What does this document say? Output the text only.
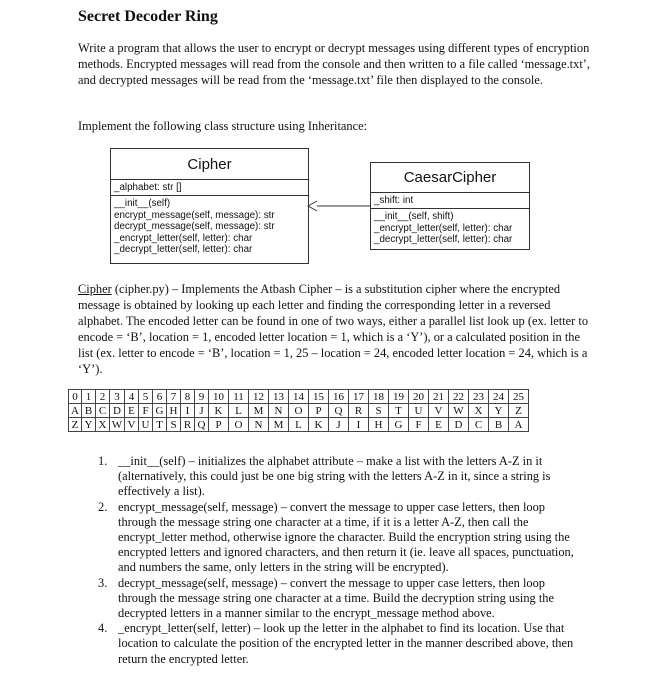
Secret Decoder Ring

Write a program that allows the user to encrypt or decrypt messages using different types of encryption methods. Encrypted messages will read from the console and then written to a file called ‘message.txt’, and decrypted messages will be read from the ‘message.txt’ file then displayed to the console.

Implement the following class structure using Inheritance:

Cipher
_alphabet: str []
__init__(self)
encrypt_message(self, message): str
decrypt_message(self, message): str
_encrypt_letter(self, letter): char
_decrypt_letter(self, letter): char
CaesarCipher
_shift: int
__init__(self, shift)
_encrypt_letter(self, letter): char
_decrypt_letter(self, letter): char

Cipher (cipher.py) – Implements the Atbash Cipher – is a substitution cipher where the encrypted message is obtained by looking up each letter and finding the corresponding letter in a reversed alphabet. The encoded letter can be found in one of two ways, either a parallel list look up (ex. letter to encode = ‘B’, location = 1, encoded letter location = 1, which is a ‘Y’), or a calculated position in the list (ex. letter to encode = ‘B’, location = 1, 25 – location = 24, encoded letter location = 24, which is a ‘Y’).

0	1	2	3	4	5	6	7	8	9	10	11	12	13	14	15	16	17	18	19	20	21	22	23	24	25
A	B	C	D	E	F	G	H	I	J	K	L	M	N	O	P	Q	R	S	T	U	V	W	X	Y	Z
Z	Y	X	W	V	U	T	S	R	Q	P	O	N	M	L	K	J	I	H	G	F	E	D	C	B	A
1. __init__(self) – initializes the alphabet attribute – make a list with the letters A-Z in it (alternatively, this could just be one big string with the letters A-Z in it, since a string is effectively a list).
2. encrypt_message(self, message) – convert the message to upper case letters, then loop through the message string one character at a time, if it is a letter A-Z, then call the encrypt_letter method, otherwise ignore the character. Build the encryption string using the encrypted letters and ignored characters, and then return it (ie. leave all spaces, punctuation, and numbers the same, only letters in the string will be encrypted).
3. decrypt_message(self, message) – convert the message to upper case letters, then loop through the message string one character at a time. Build the decryption string using the decrypted letters in a manner similar to the encrypt_message method above.
4. _encrypt_letter(self, letter) – look up the letter in the alphabet to find its location. Use that location to calculate the position of the encrypted letter in the manner described above, then return the encrypted letter.
